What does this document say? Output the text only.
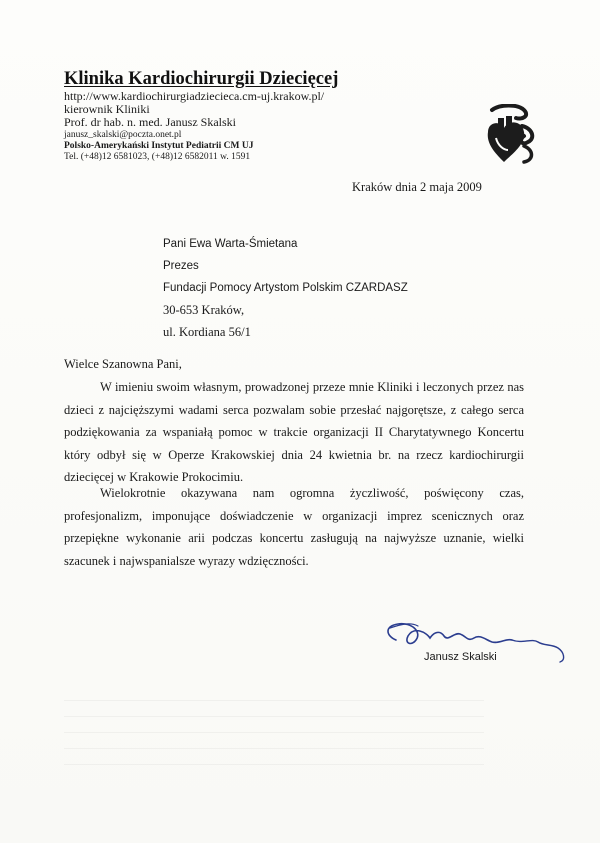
Klinika Kardiochirurgii Dziecięcej

http://www.kardiochirurgiadziecieca.cm-uj.krakow.pl/

kierownik Kliniki

Prof. dr hab. n. med. Janusz Skalski

janusz_skalski@poczta.onet.pl

Polsko-Amerykański Instytut Pediatrii CM UJ

Tel. (+48)12 6581023, (+48)12 6582011 w. 1591

Kraków dnia 2 maja 2009
Pani Ewa Warta-Śmietana
Prezes
Fundacji Pomocy Artystom Polskim CZARDASZ
30-653 Kraków,
ul. Kordiana 56/1
Wielce Szanowna Pani,

W imieniu swoim własnym, prowadzonej przeze mnie Kliniki i leczonych przez nas dzieci z najcięższymi wadami serca pozwalam sobie przesłać najgorętsze, z całego serca podziękowania za wspaniałą pomoc w trakcie organizacji II Charytatywnego Koncertu który odbył się w Operze Krakowskiej dnia 24 kwietnia br. na rzecz kardiochirurgii dziecięcej w Krakowie Prokocimiu.

Wielokrotnie okazywana nam ogromna życzliwość, poświęcony czas, profesjonalizm, imponujące doświadczenie w organizacji imprez scenicznych oraz przepiękne wykonanie arii podczas koncertu zasługują na najwyższe uznanie, wielki szacunek i najwspanialsze wyrazy wdzięczności.

Janusz Skalski
